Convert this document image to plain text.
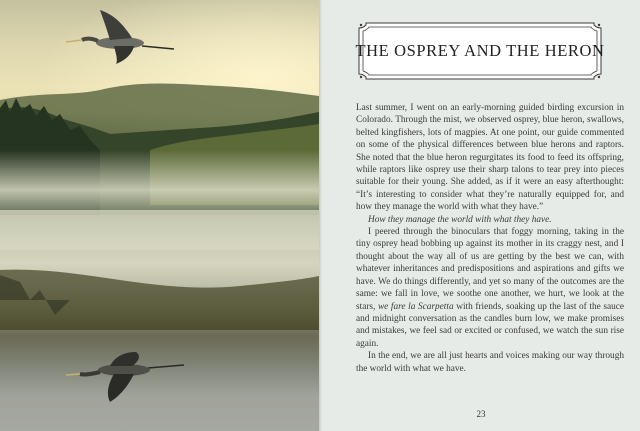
THE OSPREY AND THE HERON

Last summer, I went on an early-morning guided birding excursion in Colorado. Through the mist, we observed osprey, blue heron, swallows, belted kingfishers, lots of magpies. At one point, our guide commented on some of the physical differences between blue herons and raptors. She noted that the blue heron regurgitates its food to feed its offspring, while raptors like osprey use their sharp talons to tear prey into pieces suitable for their young. She added, as if it were an easy afterthought: “It’s interesting to consider what they’re naturally equipped for, and how they manage the world with what they have.”

How they manage the world with what they have.

I peered through the binoculars that foggy morning, taking in the tiny osprey head bobbing up against its mother in its craggy nest, and I thought about the way all of us are getting by the best we can, with whatever inheritances and predispositions and aspirations and gifts we have. We do things differently, and yet so many of the outcomes are the same: we fall in love, we soothe one another, we hurt, we look at the stars, we fare la Scarpetta with friends, soaking up the last of the sauce and midnight conversation as the candles burn low, we make promises and mistakes, we feel sad or excited or confused, we watch the sun rise again.

In the end, we are all just hearts and voices making our way through the world with what we have.

23
